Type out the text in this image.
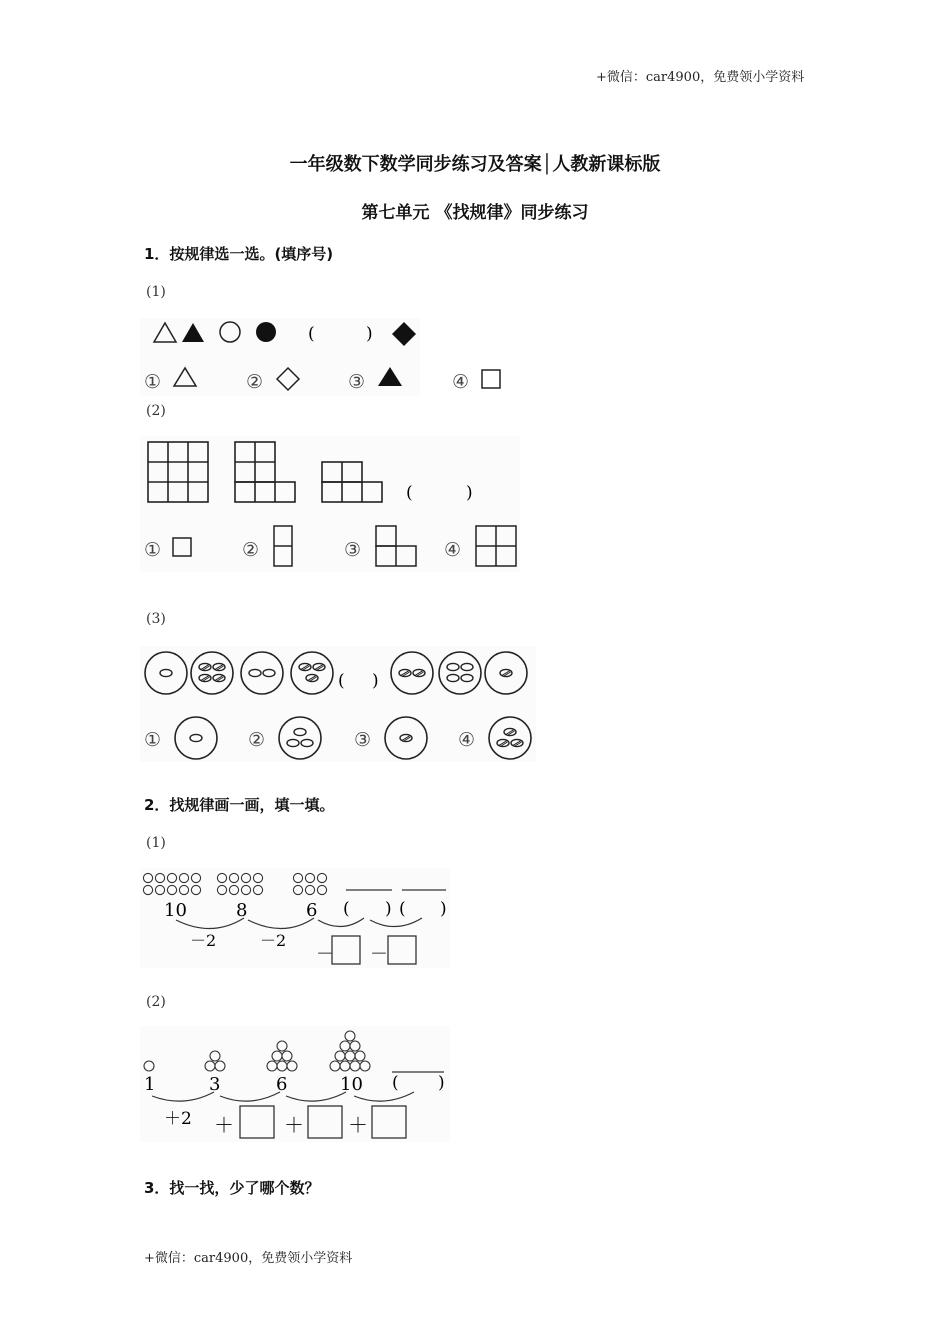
+微信：car4900，免费领小学资料
+微信：car4900，免费领小学资料
一年级数下数学同步练习及答案│人教新课标版
第七单元 《找规律》同步练习
1．按规律选一选。(填序号)
(1)
(	)
①	②	③	④
(2)
(	)
①	②	③	④
(3)
( )
①	②	③	④
2．找规律画一画，填一填。
(1)
10	8	6 ( ) ( )
－2	－2
－ －
(2)
1	3	6	10 ( )
＋2 ＋	＋ ＋
3．找一找，少了哪个数？
